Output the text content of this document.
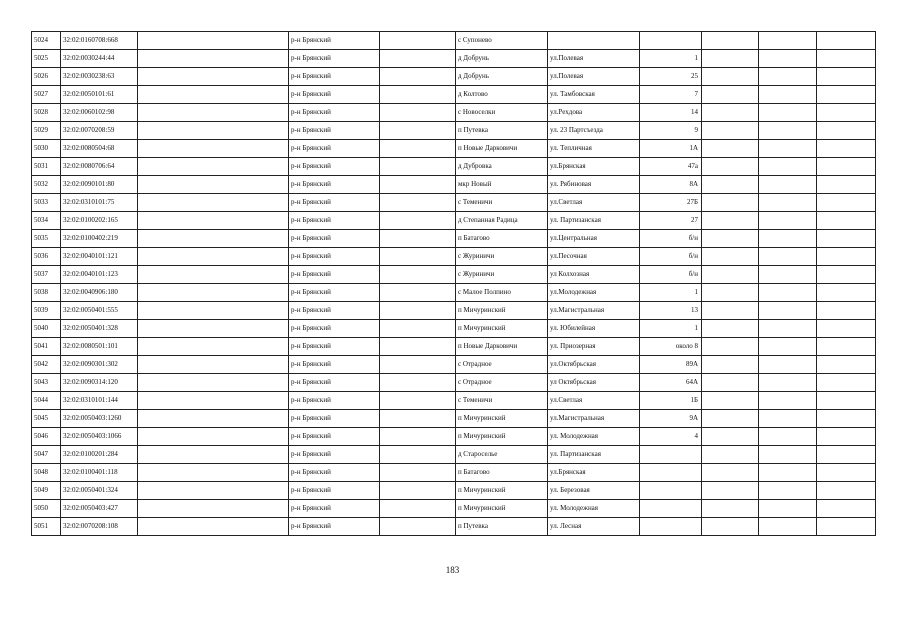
5024	32:02:0160708:668		р-н Брянский		с Супонево					
5025	32:02:0030244:44		р-н Брянский		д Добрунь	ул.Полевая	1			
5026	32:02:0030238:63		р-н Брянский		д Добрунь	ул.Полевая	25			
5027	32:02:0050101:61		р-н Брянский		д Колтово	ул. Тамбовская	7			
5028	32:02:0060102:98		р-н Брянский		с Новоселки	ул.Рехдова	14			
5029	32:02:0070208:59		р-н Брянский		п Путевка	ул. 23 Партсъезда	9			
5030	32:02:0080504:68		р-н Брянский		п Новые Дарковичи	ул. Тепличная	1А			
5031	32:02:0080706:64		р-н Брянский		д Дубровка	ул.Брянская	47а			
5032	32:02:0090101:80		р-н Брянский		мкр Новый	ул. Рябиновая	8А			
5033	32:02:0310101:75		р-н Брянский		с Теменичи	ул.Светлая	27Б			
5034	32:02:0100202:165		р-н Брянский		д Степанная Радица	ул. Партизанская	27			
5035	32:02:0100402:219		р-н Брянский		п Батагово	ул.Центральная	б/н			
5036	32:02:0040101:121		р-н Брянский		с Журиничи	ул.Песочная	б/н			
5037	32:02:0040101:123		р-н Брянский		с Журиничи	ул Колхозная	б/н			
5038	32:02:0040906:180		р-н Брянский		с Малое Полпино	ул.Молодежная	1			
5039	32:02:0050401:555		р-н Брянский		п Мичуринский	ул.Магистральная	13			
5040	32:02:0050401:328		р-н Брянский		п Мичуринский	ул. Юбилейная	1			
5041	32:02:0080501:101		р-н Брянский		п Новые Дарковичи	ул. Приозерная	около 8			
5042	32:02:0090301:302		р-н Брянский		с Отрадное	ул.Октябрьская	89А			
5043	32:02:0090314:120		р-н Брянский		с Отрадное	ул Октябрьская	64А			
5044	32:02:0310101:144		р-н Брянский		с Теменичи	ул.Светлая	1Б			
5045	32:02:0050403:1260		р-н Брянский		п Мичуринский	ул.Магистральная	9А			
5046	32:02:0050403:1066		р-н Брянский		п Мичуринский	ул. Молодежная	4			
5047	32:02:0100201:284		р-н Брянский		д Староселье	ул. Партизанская				
5048	32:02:0100401:118		р-н Брянский		п Батагово	ул.Брянская				
5049	32:02:0050401:324		р-н Брянский		п Мичуринский	ул. Березовая				
5050	32:02:0050403:427		р-н Брянский		п Мичуринский	ул. Молодежная				
5051	32:02:0070208:108		р-н Брянский		п Путевка	ул. Лесная				
183
